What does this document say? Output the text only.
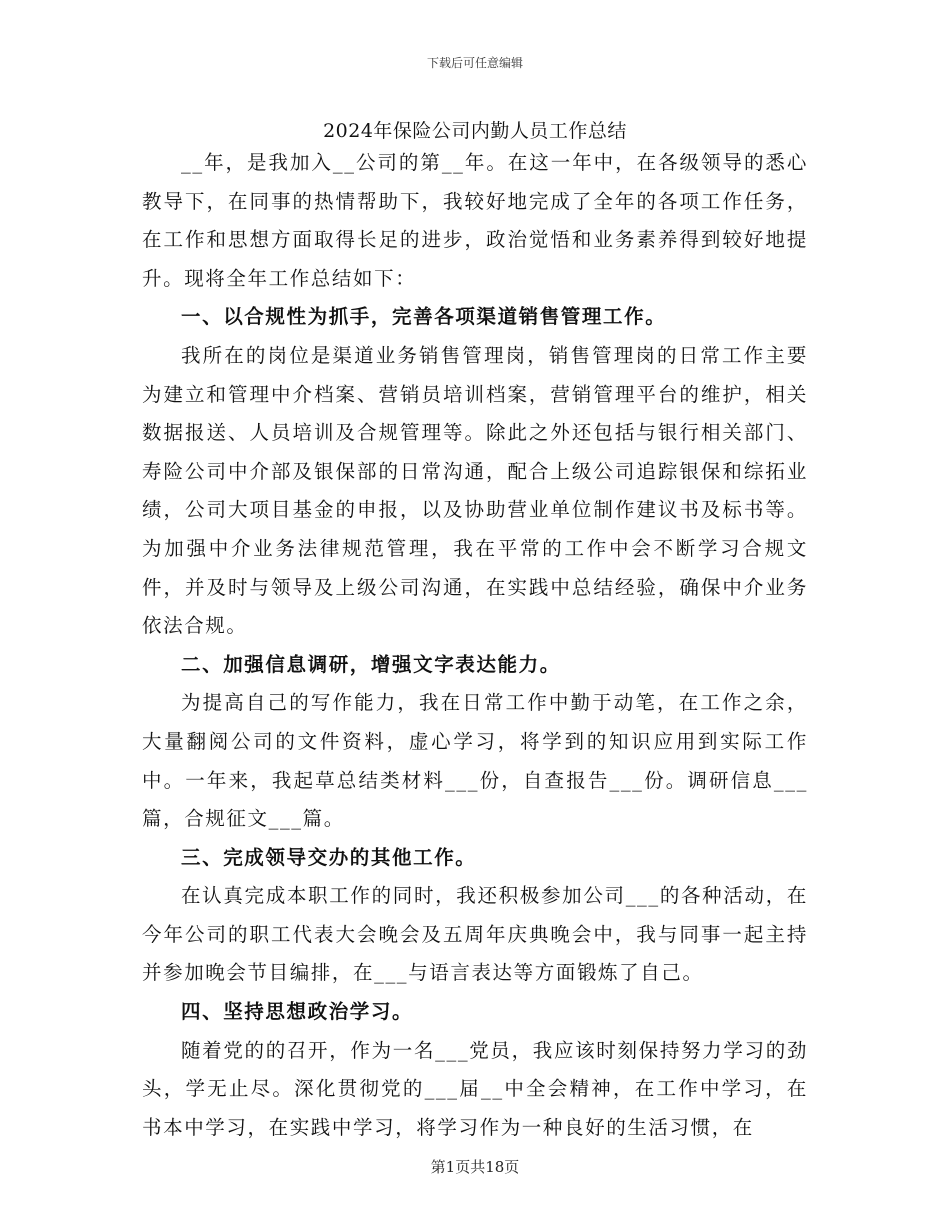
下载后可任意编辑
2024年保险公司内勤人员工作总结

__年，是我加入__公司的第__年。在这一年中，在各级领导的悉心教导下，在同事的热情帮助下，我较好地完成了全年的各项工作任务，在工作和思想方面取得长足的进步，政治觉悟和业务素养得到较好地提升。现将全年工作总结如下：

一、以合规性为抓手，完善各项渠道销售管理工作。

我所在的岗位是渠道业务销售管理岗，销售管理岗的日常工作主要为建立和管理中介档案、营销员培训档案，营销管理平台的维护，相关数据报送、人员培训及合规管理等。除此之外还包括与银行相关部门、寿险公司中介部及银保部的日常沟通，配合上级公司追踪银保和综拓业绩，公司大项目基金的申报，以及协助营业单位制作建议书及标书等。为加强中介业务法律规范管理，我在平常的工作中会不断学习合规文件，并及时与领导及上级公司沟通，在实践中总结经验，确保中介业务依法合规。

二、加强信息调研，增强文字表达能力。

为提高自己的写作能力，我在日常工作中勤于动笔，在工作之余，大量翻阅公司的文件资料，虚心学习，将学到的知识应用到实际工作中。一年来，我起草总结类材料___份，自查报告___份。调研信息___篇，合规征文___篇。

三、完成领导交办的其他工作。

在认真完成本职工作的同时，我还积极参加公司___的各种活动，在今年公司的职工代表大会晚会及五周年庆典晚会中，我与同事一起主持并参加晚会节目编排，在___与语言表达等方面锻炼了自己。

四、坚持思想政治学习。

随着党的的召开，作为一名___党员，我应该时刻保持努力学习的劲头，学无止尽。深化贯彻党的___届__中全会精神，在工作中学习，在书本中学习，在实践中学习，将学习作为一种良好的生活习惯，在

第1页共18页
